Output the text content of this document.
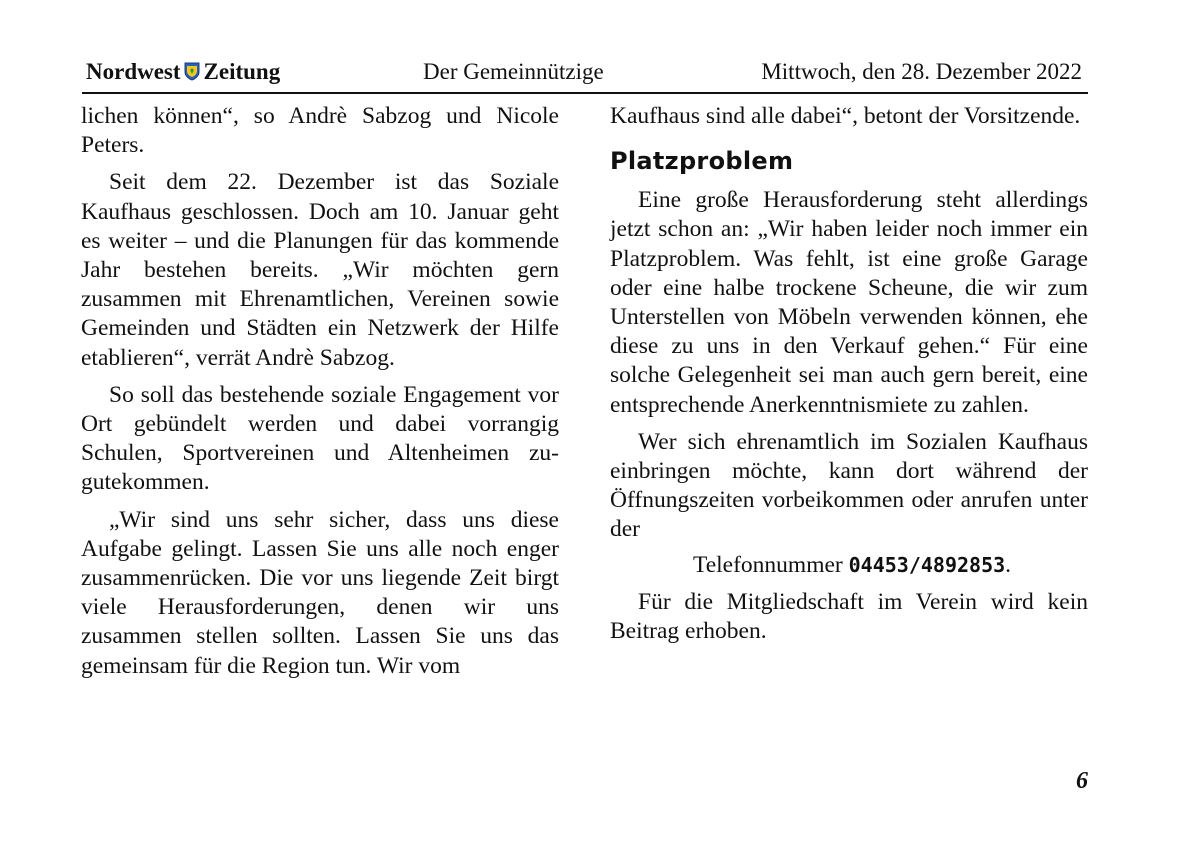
Nordwest Zeitung	Der Gemeinnützige	Mittwoch, den 28. Dezember 2022

lichen können“, so Andrè Sabzog und Nicole Peters.

Seit dem 22. Dezember ist das Soziale Kaufhaus geschlossen. Doch am 10. Januar geht es weiter – und die Planungen für das kommende Jahr bestehen bereits. „Wir möchten gern zusammen mit Ehrenamtlichen, Vereinen sowie Gemeinden und Städten ein Netzwerk der Hilfe etablieren“, verrät Andrè Sabzog.

So soll das bestehende soziale Engagement vor Ort gebündelt werden und dabei vorrangig Schulen, Sportvereinen und Altenheimen zugutekommen.

„Wir sind uns sehr sicher, dass uns diese Aufgabe gelingt. Lassen Sie uns alle noch enger zusammenrücken. Die vor uns liegende Zeit birgt viele Herausforderungen, denen wir uns zusammen stellen sollten. Lassen Sie uns das gemeinsam für die Region tun. Wir vom

Kaufhaus sind alle dabei“, betont der Vorsitzende.

Platzproblem

Eine große Herausforderung steht allerdings jetzt schon an: „Wir haben leider noch immer ein Platzproblem. Was fehlt, ist eine große Garage oder eine halbe trockene Scheune, die wir zum Unterstellen von Möbeln verwenden können, ehe diese zu uns in den Verkauf gehen.“ Für eine solche Gelegenheit sei man auch gern bereit, eine entsprechende Anerkenntnismiete zu zahlen.

Wer sich ehrenamtlich im Sozialen Kaufhaus einbringen möchte, kann dort während der Öffnungszeiten vorbeikommen oder anrufen unter der

Telefonnummer 04453/4892853.

Für die Mitgliedschaft im Verein wird kein Beitrag erhoben.

6
